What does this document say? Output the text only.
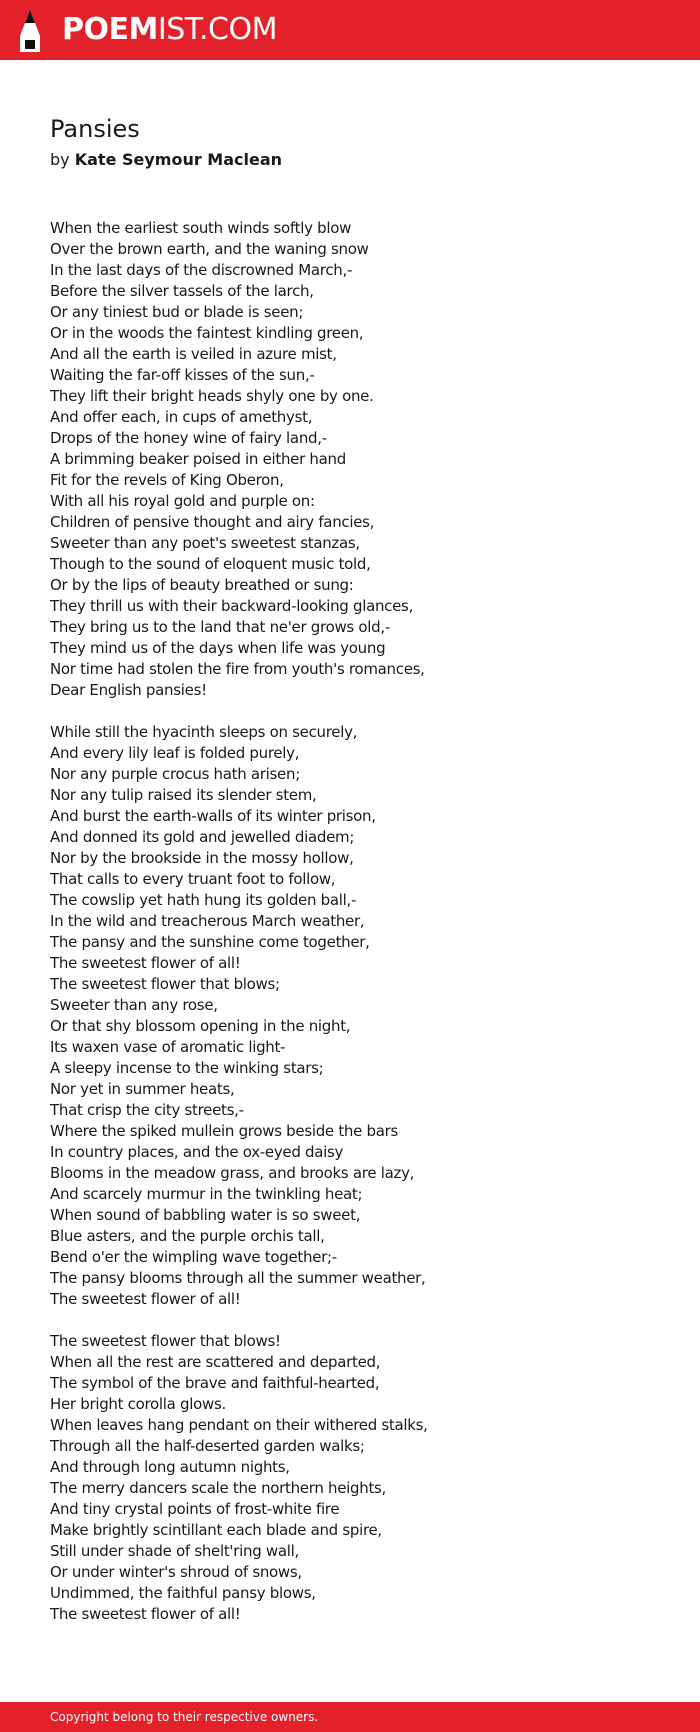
POEMIST.COM
Pansies
by Kate Seymour Maclean
When the earliest south winds softly blow
Over the brown earth, and the waning snow
In the last days of the discrowned March,-
Before the silver tassels of the larch,
Or any tiniest bud or blade is seen;
Or in the woods the faintest kindling green,
And all the earth is veiled in azure mist,
Waiting the far-off kisses of the sun,-
They lift their bright heads shyly one by one.
And offer each, in cups of amethyst,
Drops of the honey wine of fairy land,-
A brimming beaker poised in either hand
Fit for the revels of King Oberon,
With all his royal gold and purple on:
Children of pensive thought and airy fancies,
Sweeter than any poet's sweetest stanzas,
Though to the sound of eloquent music told,
Or by the lips of beauty breathed or sung:
They thrill us with their backward-looking glances,
They bring us to the land that ne'er grows old,-
They mind us of the days when life was young
Nor time had stolen the fire from youth's romances,
Dear English pansies!
While still the hyacinth sleeps on securely,
And every lily leaf is folded purely,
Nor any purple crocus hath arisen;
Nor any tulip raised its slender stem,
And burst the earth-walls of its winter prison,
And donned its gold and jewelled diadem;
Nor by the brookside in the mossy hollow,
That calls to every truant foot to follow,
The cowslip yet hath hung its golden ball,-
In the wild and treacherous March weather,
The pansy and the sunshine come together,
The sweetest flower of all!
The sweetest flower that blows;
Sweeter than any rose,
Or that shy blossom opening in the night,
Its waxen vase of aromatic light-
A sleepy incense to the winking stars;
Nor yet in summer heats,
That crisp the city streets,-
Where the spiked mullein grows beside the bars
In country places, and the ox-eyed daisy
Blooms in the meadow grass, and brooks are lazy,
And scarcely murmur in the twinkling heat;
When sound of babbling water is so sweet,
Blue asters, and the purple orchis tall,
Bend o'er the wimpling wave together;-
The pansy blooms through all the summer weather,
The sweetest flower of all!
The sweetest flower that blows!
When all the rest are scattered and departed,
The symbol of the brave and faithful-hearted,
Her bright corolla glows.
When leaves hang pendant on their withered stalks,
Through all the half-deserted garden walks;
And through long autumn nights,
The merry dancers scale the northern heights,
And tiny crystal points of frost-white fire
Make brightly scintillant each blade and spire,
Still under shade of shelt'ring wall,
Or under winter's shroud of snows,
Undimmed, the faithful pansy blows,
The sweetest flower of all!
Copyright belong to their respective owners.
